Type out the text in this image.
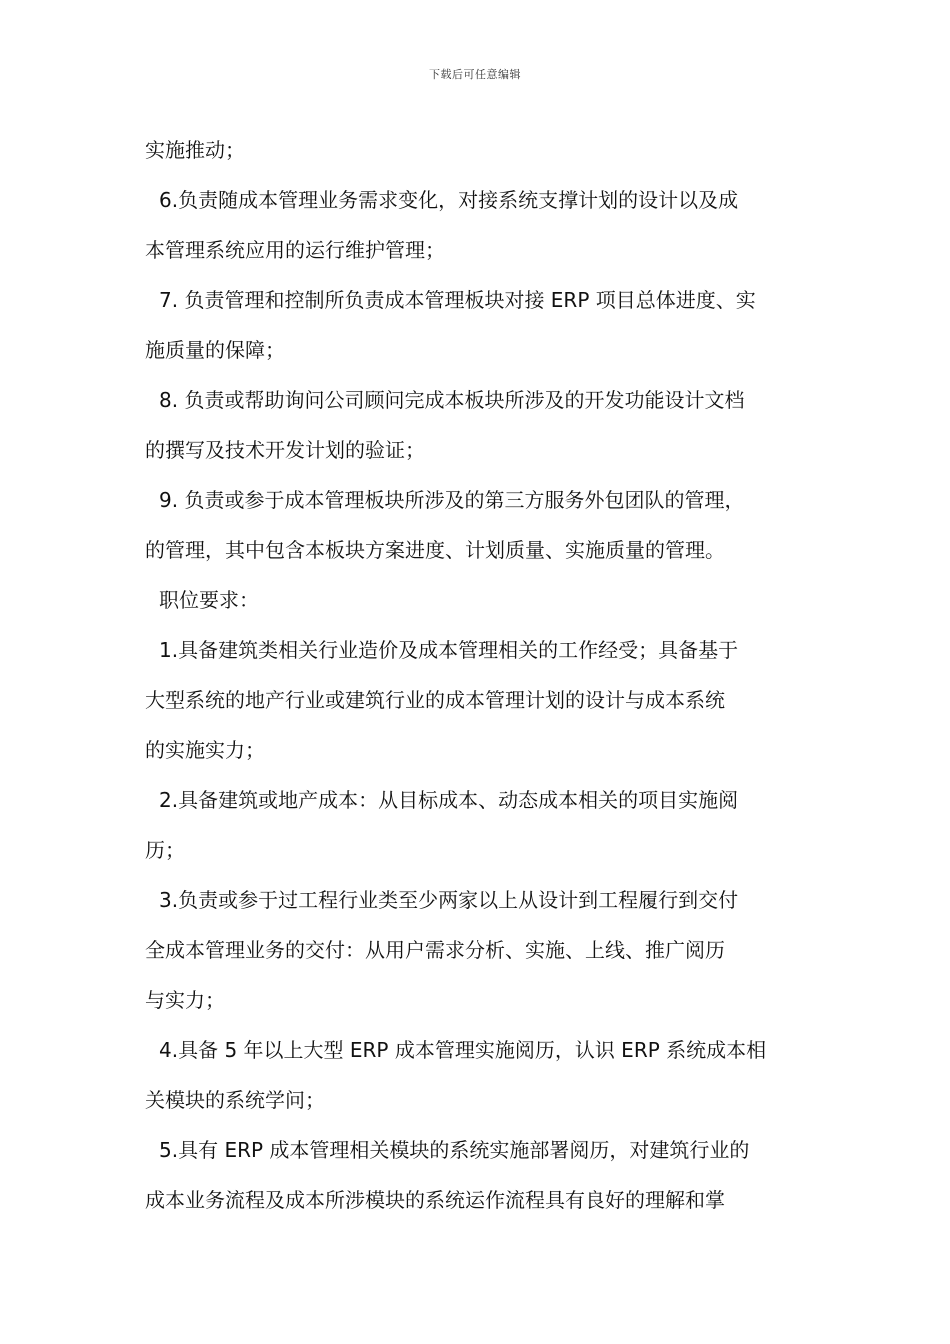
下载后可任意编辑
实施推动；
6.负责随成本管理业务需求变化，对接系统支撑计划的设计以及成
本管理系统应用的运行维护管理；
7. 负责管理和控制所负责成本管理板块对接 ERP 项目总体进度、实
施质量的保障；
8. 负责或帮助询问公司顾问完成本板块所涉及的开发功能设计文档
的撰写及技术开发计划的验证；
9. 负责或参于成本管理板块所涉及的第三方服务外包团队的管理，
的管理，其中包含本板块方案进度、计划质量、实施质量的管理。
职位要求：
1.具备建筑类相关行业造价及成本管理相关的工作经受；具备基于
大型系统的地产行业或建筑行业的成本管理计划的设计与成本系统
的实施实力；
2.具备建筑或地产成本：从目标成本、动态成本相关的项目实施阅
历；
3.负责或参于过工程行业类至少两家以上从设计到工程履行到交付
全成本管理业务的交付：从用户需求分析、实施、上线、推广阅历
与实力；
4.具备 5 年以上大型 ERP 成本管理实施阅历，认识 ERP 系统成本相
关模块的系统学问；
5.具有 ERP 成本管理相关模块的系统实施部署阅历，对建筑行业的
成本业务流程及成本所涉模块的系统运作流程具有良好的理解和掌
